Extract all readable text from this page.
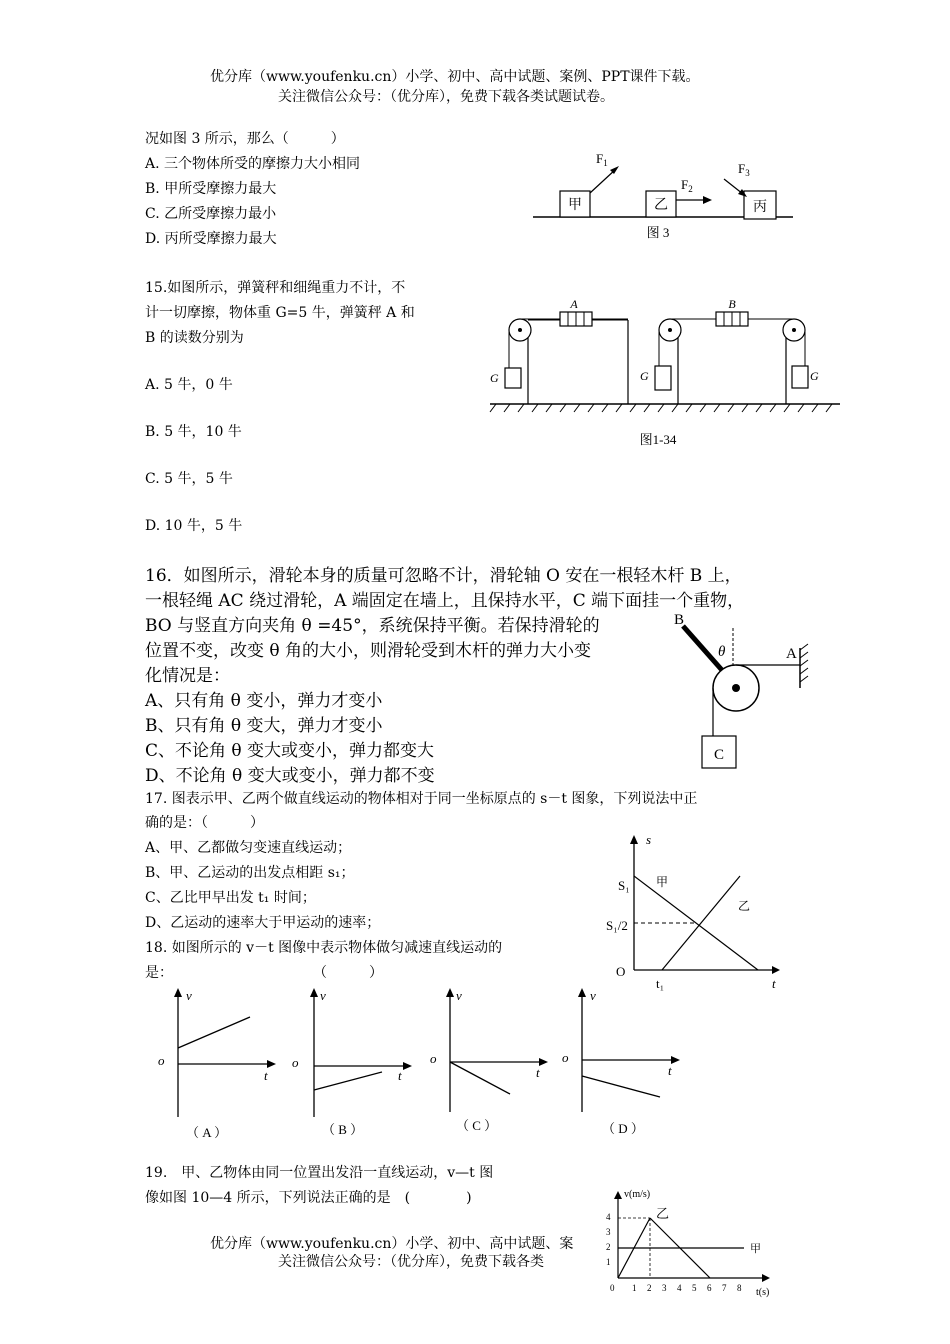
优分库（www.youfenku.cn）小学、初中、高中试题、案例、PPT课件下载。
关注微信公众号：（优分库），免费下载各类试题试卷。
况如图 3 所示，那么（　　　）
A. 三个物体所受的摩擦力大小相同
B. 甲所受摩擦力最大
C. 乙所受摩擦力最小
D. 丙所受摩擦力最大
甲	乙	丙
$F_1$
$F_2$
$F_3$
图 3
15.如图所示，弹簧秤和细绳重力不计，不
计一切摩擦，物体重 G=5 牛，弹簧秤 A 和
B 的读数分别为
A. 5 牛，0 牛
B. 5 牛，10 牛
C. 5 牛，5 牛
D. 10 牛，5 牛
G
A
G	G
B
图1-34
16．如图所示，滑轮本身的质量可忽略不计，滑轮轴 O 安在一根轻木杆 B 上，
一根轻绳 AC 绕过滑轮，A 端固定在墙上，且保持水平，C 端下面挂一个重物，
BO 与竖直方向夹角 θ =45°，系统保持平衡。若保持滑轮的
位置不变，改变 θ 角的大小，则滑轮受到木杆的弹力大小变
化情况是：
A、只有角 θ 变小，弹力才变小
B、只有角 θ 变大，弹力才变小
C、不论角 θ 变大或变小，弹力都变大
D、不论角 θ 变大或变小，弹力都不变
C
B
A
θ
17. 图表示甲、乙两个做直线运动的物体相对于同一坐标原点的 s－t 图象，下列说法中正
确的是：（　　　）
A、甲、乙都做匀变速直线运动；
B、甲、乙运动的出发点相距 s₁；
C、乙比甲早出发 t₁ 时间；
D、乙运动的速率大于甲运动的速率；
s
S₁
S₁/2
O
t₁	t
甲
乙
18. 如图所示的 v－t 图像中表示物体做匀减速直线运动的
是：　　　　　　　　　　　（　　　）
v
o
t
（ A ）
v
o
t
（ B ）
v
o
t
（ C ）
v
o
t
（ D ）
19.　甲、乙物体由同一位置出发沿一直线运动，v—t 图
像如图 10—4 所示，下列说法正确的是　(　　　　)
4
3
2
1
0 1 2 3 4 5 6 7 8
v(m/s)
t(s)
乙
甲
优分库（www.youfenku.cn）小学、初中、高中试题、案
关注微信公众号：（优分库），免费下载各类
